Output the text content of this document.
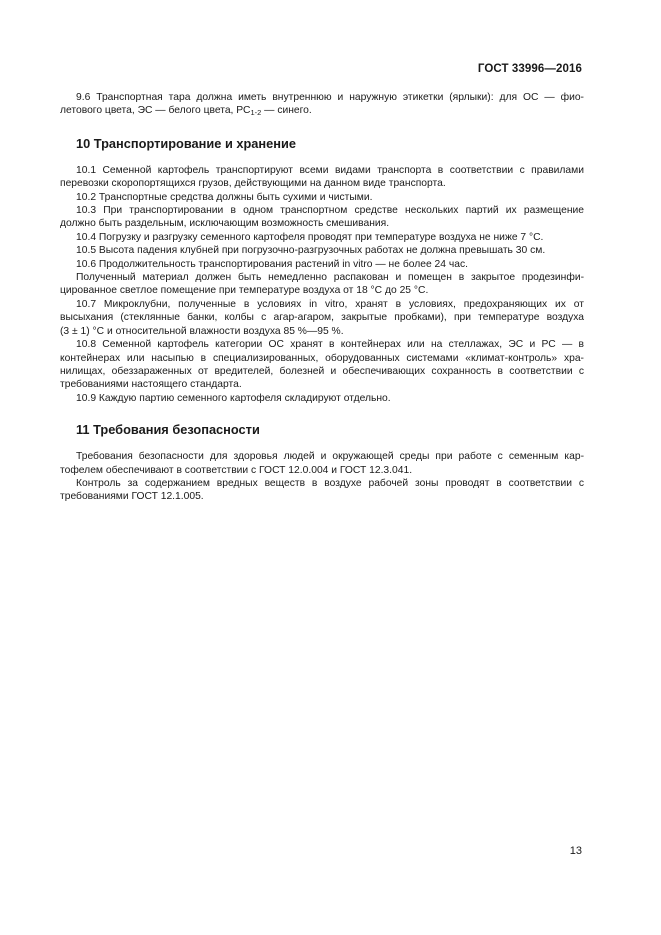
ГОСТ 33996—2016
9.6 Транспортная тара должна иметь внутреннюю и наружную этикетки (ярлыки): для ОС — фио-
летового цвета, ЭС — белого цвета, $РС_{1-2}$ — синего.
10 Транспортирование и хранение
10.1 Семенной картофель транспортируют всеми видами транспорта в соответствии с правилами
перевозки скоропортящихся грузов, действующими на данном виде транспорта.
10.2 Транспортные средства должны быть сухими и чистыми.
10.3 При транспортировании в одном транспортном средстве нескольких партий их размещение
должно быть раздельным, исключающим возможность смешивания.
10.4 Погрузку и разгрузку семенного картофеля проводят при температуре воздуха не ниже 7 °С.
10.5 Высота падения клубней при погрузочно-разгрузочных работах не должна превышать 30 см.
10.6 Продолжительность транспортирования растений in vitro — не более 24 час.
Полученный материал должен быть немедленно распакован и помещен в закрытое продезинфи-
цированное светлое помещение при температуре воздуха от 18 °С до 25 °С.
10.7 Микроклубни, полученные в условиях in vitro, хранят в условиях, предохраняющих их от
высыхания (стеклянные банки, колбы с агар-агаром, закрытые пробками), при температуре воздуха
(3 ± 1) °С и относительной влажности воздуха 85 %—95 %.
10.8 Семенной картофель категории ОС хранят в контейнерах или на стеллажах, ЭС и РС — в
контейнерах или насыпью в специализированных, оборудованных системами «климат-контроль» хра-
нилищах, обеззараженных от вредителей, болезней и обеспечивающих сохранность в соответствии с
требованиями настоящего стандарта.
10.9 Каждую партию семенного картофеля складируют отдельно.
11 Требования безопасности
Требования безопасности для здоровья людей и окружающей среды при работе с семенным кар-
тофелем обеспечивают в соответствии с ГОСТ 12.0.004 и ГОСТ 12.3.041.
Контроль за содержанием вредных веществ в воздухе рабочей зоны проводят в соответствии с
требованиями ГОСТ 12.1.005.
13
